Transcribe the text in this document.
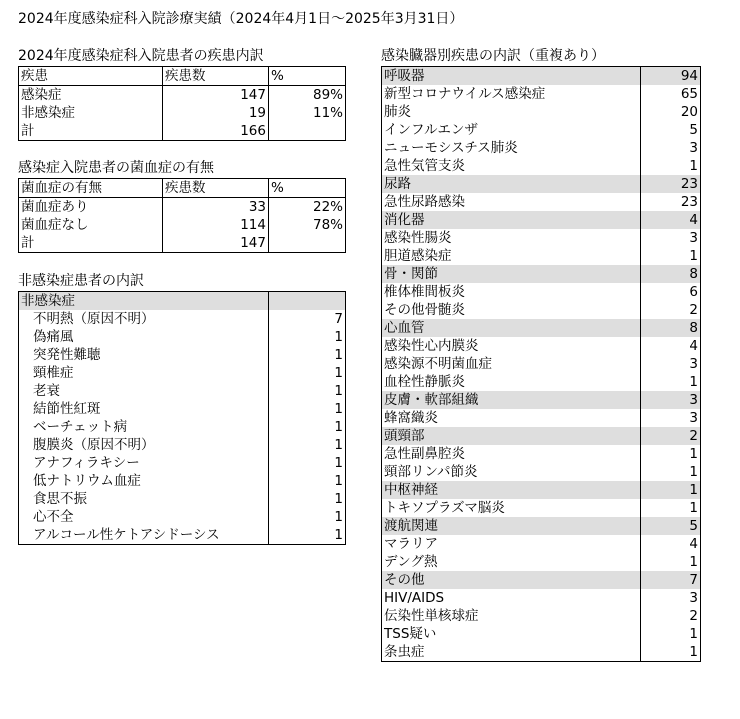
2024年度感染症科入院診療実績（2024年4月1日～2025年3月31日）
2024年度感染症科入院患者の疾患内訳
疾患	疾患数	%
感染症	147	89%
非感染症	19	11%
計	166	
感染症入院患者の菌血症の有無
菌血症の有無	疾患数	%
菌血症あり	33	22%
菌血症なし	114	78%
計	147	
非感染症患者の内訳
非感染症	
不明熱（原因不明）	7
偽痛風	1
突発性難聴	1
頸椎症	1
老衰	1
結節性紅斑	1
ベーチェット病	1
腹膜炎（原因不明）	1
アナフィラキシー	1
低ナトリウム血症	1
食思不振	1
心不全	1
アルコール性ケトアシドーシス	1
感染臓器別疾患の内訳（重複あり）
呼吸器	94
新型コロナウイルス感染症	65
肺炎	20
インフルエンザ	5
ニューモシスチス肺炎	3
急性気管支炎	1
尿路	23
急性尿路感染	23
消化器	4
感染性腸炎	3
胆道感染症	1
骨・関節	8
椎体椎間板炎	6
その他骨髄炎	2
心血管	8
感染性心内膜炎	4
感染源不明菌血症	3
血栓性静脈炎	1
皮膚・軟部組織	3
蜂窩織炎	3
頭頸部	2
急性副鼻腔炎	1
頸部リンパ節炎	1
中枢神経	1
トキソプラズマ脳炎	1
渡航関連	5
マラリア	4
デング熱	1
その他	7
HIV/AIDS	3
伝染性単核球症	2
TSS疑い	1
条虫症	1
